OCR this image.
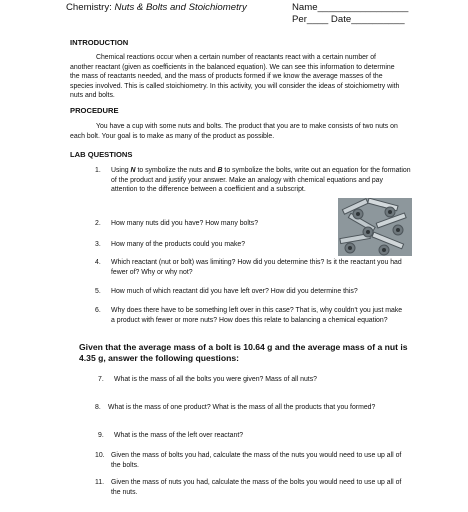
Chemistry: Nuts & Bolts and Stoichiometry	Name_________________
Per____ Date__________
INTRODUCTION
Chemical reactions occur when a certain number of reactants react with a certain number of another reactant (given as coefficients in the balanced equation). We can see this information to determine the mass of reactants needed, and the mass of products formed if we know the average masses of the species involved. This is called stoichiometry. In this activity, you will consider the ideas of stoichiometry with nuts and bolts.
PROCEDURE
You have a cup with some nuts and bolts. The product that you are to make consists of two nuts on each bolt. Your goal is to make as many of the product as possible.
LAB QUESTIONS
1. Using N to symbolize the nuts and B to symbolize the bolts, write out an equation for the formation of the product and justify your answer. Make an analogy with chemical equations and pay attention to the difference between a coefficient and a subscript.
2. How many nuts did you have? How many bolts?
3. How many of the products could you make?
4. Which reactant (nut or bolt) was limiting? How did you determine this? Is it the reactant you had fewer of? Why or why not?
5. How much of which reactant did you have left over? How did you determine this?
6. Why does there have to be something left over in this case? That is, why couldn't you just make a product with fewer or more nuts? How does this relate to balancing a chemical equation?
Given that the average mass of a bolt is 10.64 g and the average mass of a nut is 4.35 g, answer the following questions:
7. What is the mass of all the bolts you were given? Mass of all nuts?
8. What is the mass of one product? What is the mass of all the products that you formed?
9. What is the mass of the left over reactant?
10. Given the mass of bolts you had, calculate the mass of the nuts you would need to use up all of the bolts.
11. Given the mass of nuts you had, calculate the mass of the bolts you would need to use up all of the nuts.
